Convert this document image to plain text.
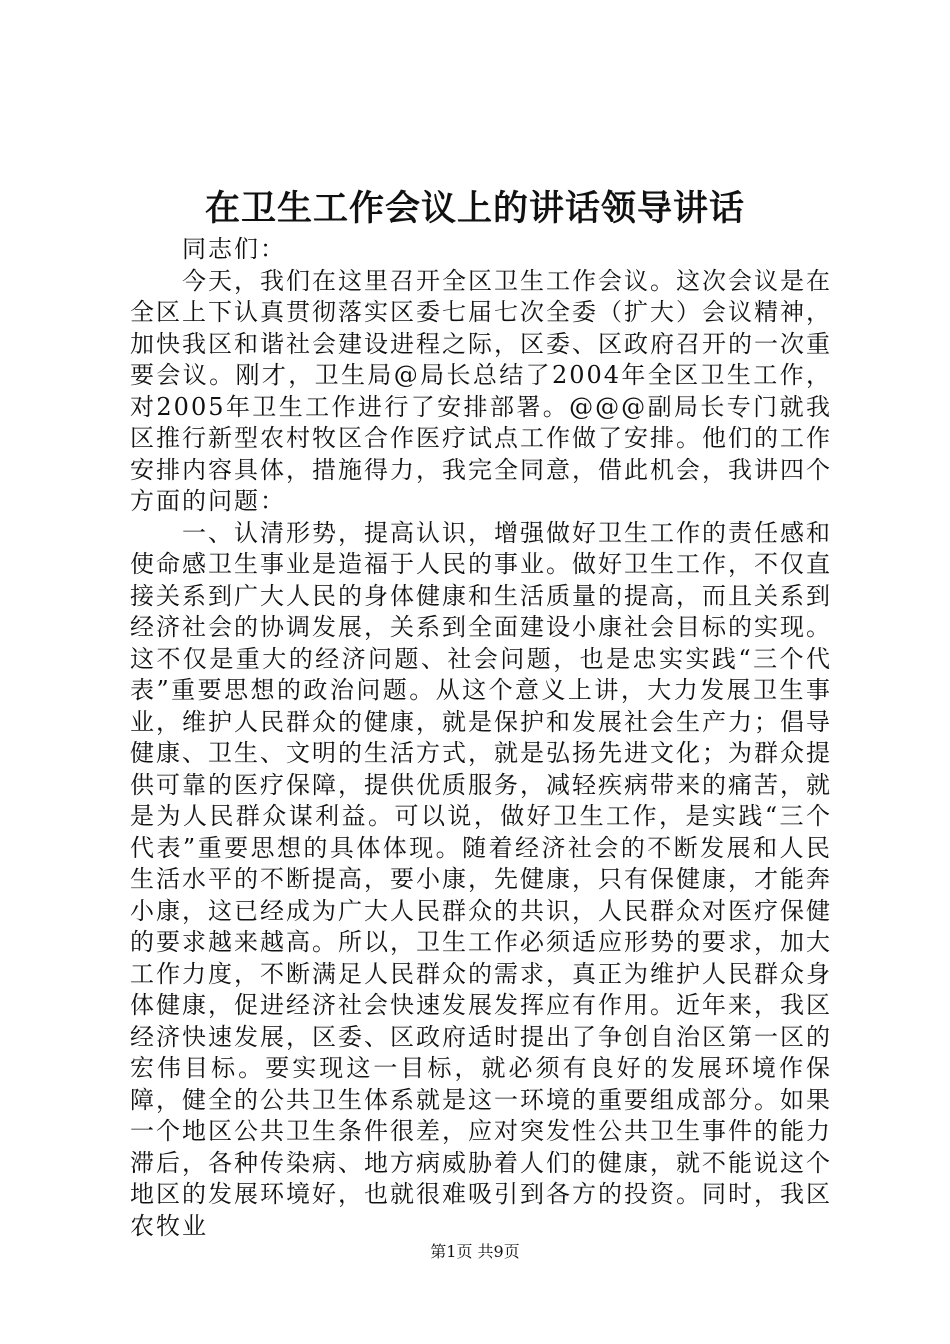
在卫生工作会议上的讲话领导讲话

同志们：

今天，我们在这里召开全区卫生工作会议。这次会议是在全区上下认真贯彻落实区委七届七次全委（扩大）会议精神，加快我区和谐社会建设进程之际，区委、区政府召开的一次重要会议。刚才，卫生局@局长总结了2004年全区卫生工作，对2005年卫生工作进行了安排部署。@@@副局长专门就我区推行新型农村牧区合作医疗试点工作做了安排。他们的工作安排内容具体，措施得力，我完全同意，借此机会，我讲四个方面的问题：

一、认清形势，提高认识，增强做好卫生工作的责任感和使命感卫生事业是造福于人民的事业。做好卫生工作，不仅直接关系到广大人民的身体健康和生活质量的提高，而且关系到经济社会的协调发展，关系到全面建设小康社会目标的实现。这不仅是重大的经济问题、社会问题，也是忠实实践“三个代表”重要思想的政治问题。从这个意义上讲，大力发展卫生事业，维护人民群众的健康，就是保护和发展社会生产力；倡导健康、卫生、文明的生活方式，就是弘扬先进文化；为群众提供可靠的医疗保障，提供优质服务，减轻疾病带来的痛苦，就是为人民群众谋利益。可以说，做好卫生工作，是实践“三个代表”重要思想的具体体现。随着经济社会的不断发展和人民生活水平的不断提高，要小康，先健康，只有保健康，才能奔小康，这已经成为广大人民群众的共识，人民群众对医疗保健的要求越来越高。所以，卫生工作必须适应形势的要求，加大工作力度，不断满足人民群众的需求，真正为维护人民群众身体健康，促进经济社会快速发展发挥应有作用。近年来，我区经济快速发展，区委、区政府适时提出了争创自治区第一区的宏伟目标。要实现这一目标，就必须有良好的发展环境作保障，健全的公共卫生体系就是这一环境的重要组成部分。如果一个地区公共卫生条件很差，应对突发性公共卫生事件的能力滞后，各种传染病、地方病威胁着人们的健康，就不能说这个地区的发展环境好，也就很难吸引到各方的投资。同时，我区农牧业

第1页 共9页
